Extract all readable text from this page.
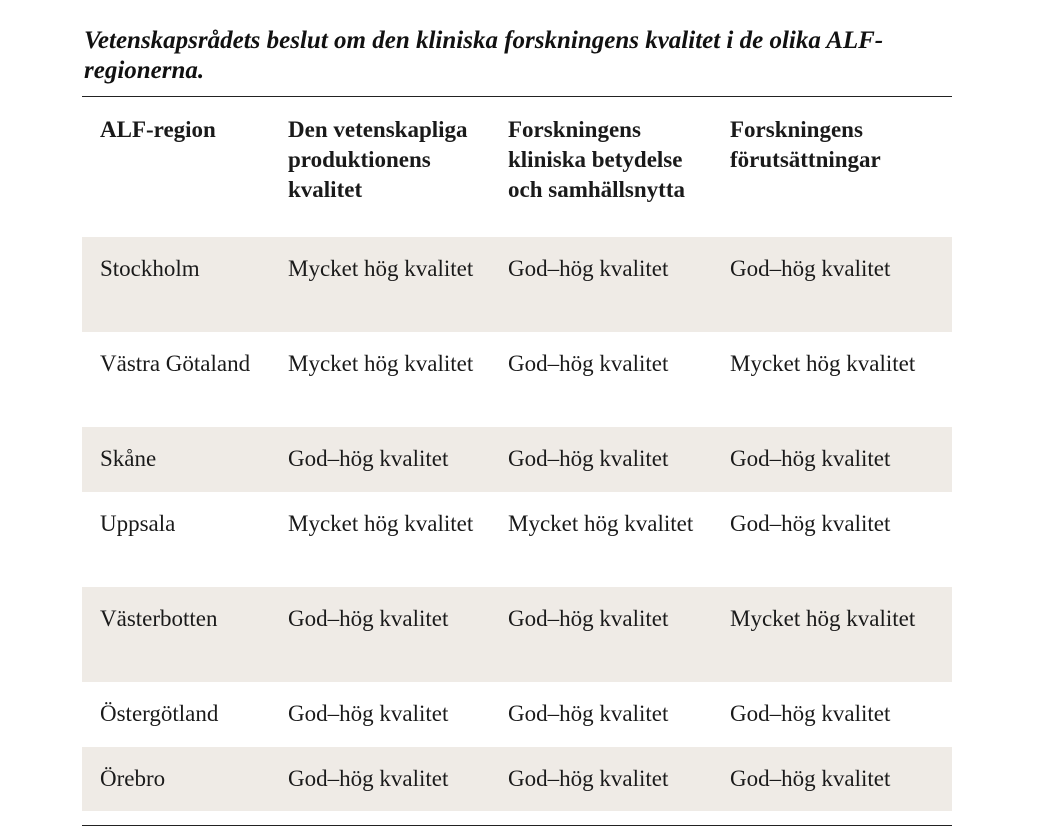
Vetenskapsrådets beslut om den kliniska forskningens kvalitet i de olika ALF-regionerna.
ALF-region	Den vetenskapliga produktionens kvalitet	Forskningens kliniska betydelse och samhällsnytta	Forskningens förutsättningar
Stockholm	Mycket hög kvalitet	God–hög kvalitet	God–hög kvalitet
Västra Götaland	Mycket hög kvalitet	God–hög kvalitet	Mycket hög kvalitet
Skåne	God–hög kvalitet	God–hög kvalitet	God–hög kvalitet
Uppsala	Mycket hög kvalitet	Mycket hög kvalitet	God–hög kvalitet
Västerbotten	God–hög kvalitet	God–hög kvalitet	Mycket hög kvalitet
Östergötland	God–hög kvalitet	God–hög kvalitet	God–hög kvalitet
Örebro	God–hög kvalitet	God–hög kvalitet	God–hög kvalitet
